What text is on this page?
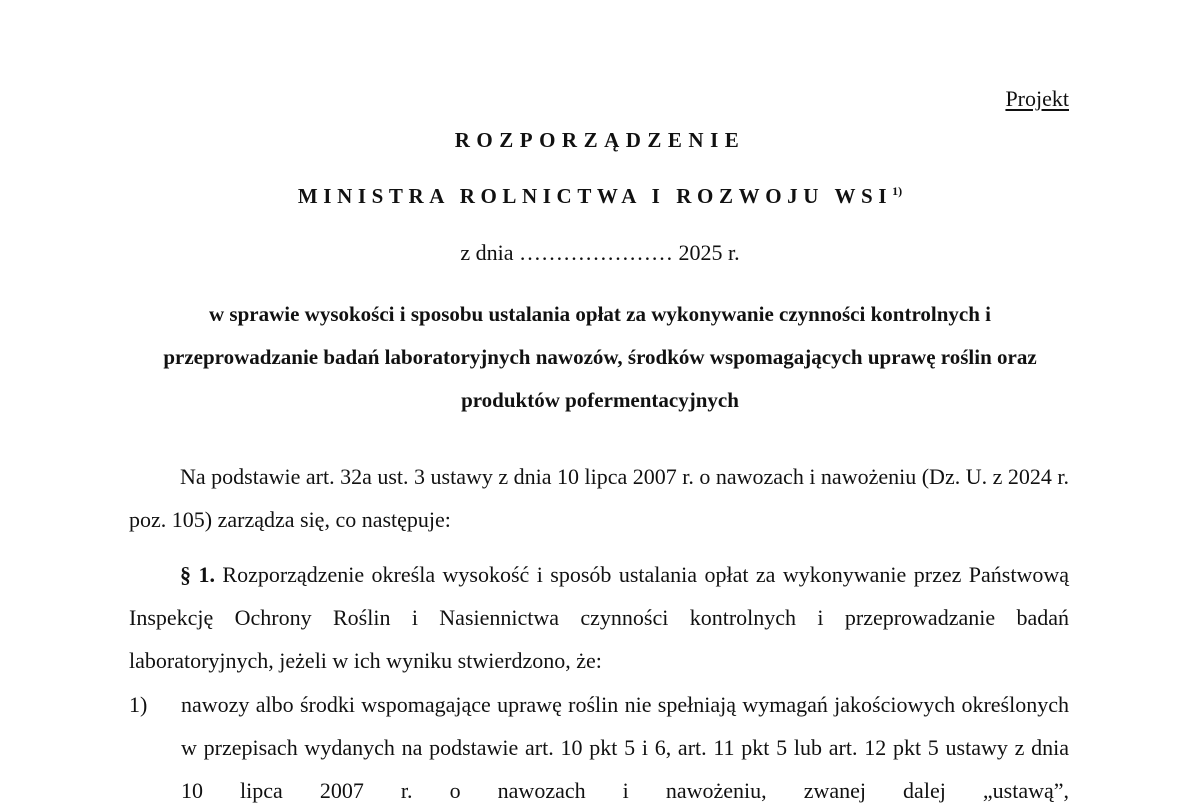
Projekt
ROZPORZĄDZENIE
MINISTRA ROLNICTWA I ROZWOJU WSI$^{1)}$
z dnia ………………… 2025 r.
w sprawie wysokości i sposobu ustalania opłat za wykonywanie czynności kontrolnych i przeprowadzanie badań laboratoryjnych nawozów, środków wspomagających uprawę roślin oraz produktów pofermentacyjnych
Na podstawie art. 32a ust. 3 ustawy z dnia 10 lipca 2007 r. o nawozach i nawożeniu (Dz. U. z 2024 r. poz. 105) zarządza się, co następuje:
§ 1. Rozporządzenie określa wysokość i sposób ustalania opłat za wykonywanie przez Państwową Inspekcję Ochrony Roślin i Nasiennictwa czynności kontrolnych i przeprowadzanie badań laboratoryjnych, jeżeli w ich wyniku stwierdzono, że:
1) nawozy albo środki wspomagające uprawę roślin nie spełniają wymagań jakościowych określonych w przepisach wydanych na podstawie art. 10 pkt 5 i 6, art. 11 pkt 5 lub art. 12 pkt 5 ustawy z dnia 10 lipca 2007 r. o nawozach i nawożeniu, zwanej dalej „ustawą”,
